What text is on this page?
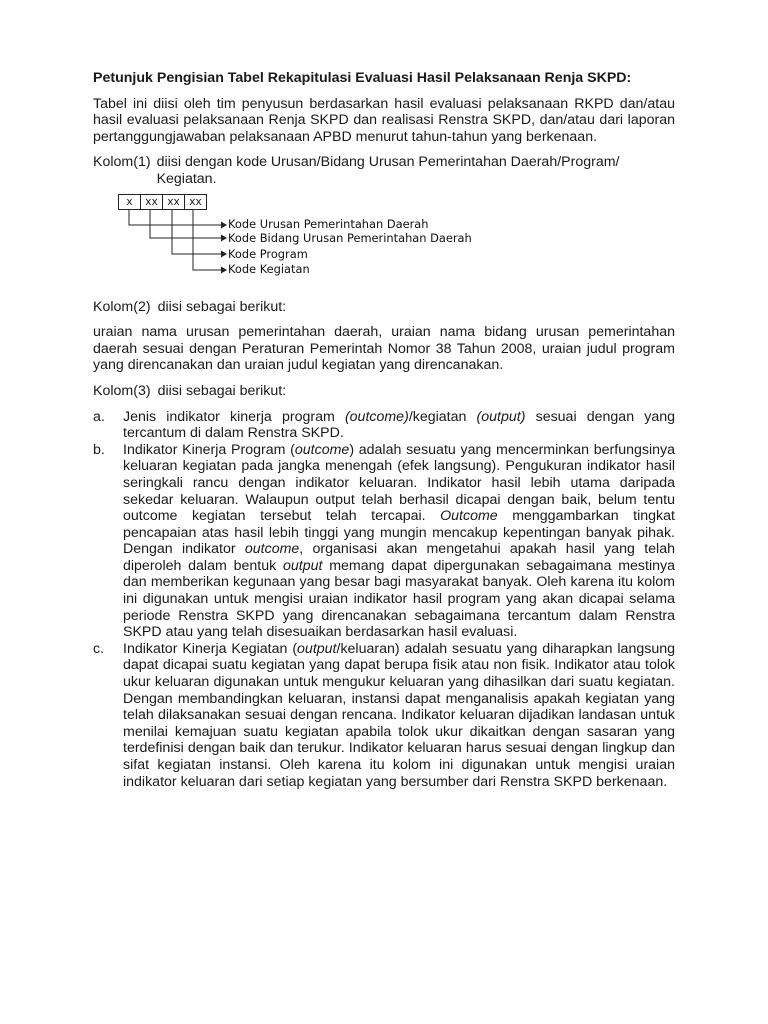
Petunjuk Pengisian Tabel Rekapitulasi Evaluasi Hasil Pelaksanaan Renja SKPD:

Tabel ini diisi oleh tim penyusun berdasarkan hasil evaluasi pelaksanaan RKPD dan/atau hasil evaluasi pelaksanaan Renja SKPD dan realisasi Renstra SKPD, dan/atau dari laporan pertanggungjawaban pelaksanaan APBD menurut tahun-tahun yang berkenaan.

Kolom(1) diisi dengan kode Urusan/Bidang Urusan Pemerintahan Daerah/Program/ Kegiatan.
x	xx xx xx
Kode Urusan Pemerintahan Daerah
Kode Bidang Urusan Pemerintahan Daerah
Kode Program
Kode Kegiatan
Kolom(2) diisi sebagai berikut:

uraian nama urusan pemerintahan daerah, uraian nama bidang urusan pemerintahan daerah sesuai dengan Peraturan Pemerintah Nomor 38 Tahun 2008, uraian judul program yang direncanakan dan uraian judul kegiatan yang direncanakan.

Kolom(3) diisi sebagai berikut:
a.	Jenis indikator kinerja program (outcome)/kegiatan (output) sesuai dengan yang tercantum di dalam Renstra SKPD.
b.	Indikator Kinerja Program (outcome) adalah sesuatu yang mencerminkan berfungsinya keluaran kegiatan pada jangka menengah (efek langsung). Pengukuran indikator hasil seringkali rancu dengan indikator keluaran. Indikator hasil lebih utama daripada sekedar keluaran. Walaupun output telah berhasil dicapai dengan baik, belum tentu outcome kegiatan tersebut telah tercapai. Outcome menggambarkan tingkat pencapaian atas hasil lebih tinggi yang mungin mencakup kepentingan banyak pihak. Dengan indikator outcome, organisasi akan mengetahui apakah hasil yang telah diperoleh dalam bentuk output memang dapat dipergunakan sebagaimana mestinya dan memberikan kegunaan yang besar bagi masyarakat banyak. Oleh karena itu kolom ini digunakan untuk mengisi uraian indikator hasil program yang akan dicapai selama periode Renstra SKPD yang direncanakan sebagaimana tercantum dalam Renstra SKPD atau yang telah disesuaikan berdasarkan hasil evaluasi.
c.	Indikator Kinerja Kegiatan (output/keluaran) adalah sesuatu yang diharapkan langsung dapat dicapai suatu kegiatan yang dapat berupa fisik atau non fisik. Indikator atau tolok ukur keluaran digunakan untuk mengukur keluaran yang dihasilkan dari suatu kegiatan. Dengan membandingkan keluaran, instansi dapat menganalisis apakah kegiatan yang telah dilaksanakan sesuai dengan rencana. Indikator keluaran dijadikan landasan untuk menilai kemajuan suatu kegiatan apabila tolok ukur dikaitkan dengan sasaran yang terdefinisi dengan baik dan terukur. Indikator keluaran harus sesuai dengan lingkup dan sifat kegiatan instansi. Oleh karena itu kolom ini digunakan untuk mengisi uraian indikator keluaran dari setiap kegiatan yang bersumber dari Renstra SKPD berkenaan.
